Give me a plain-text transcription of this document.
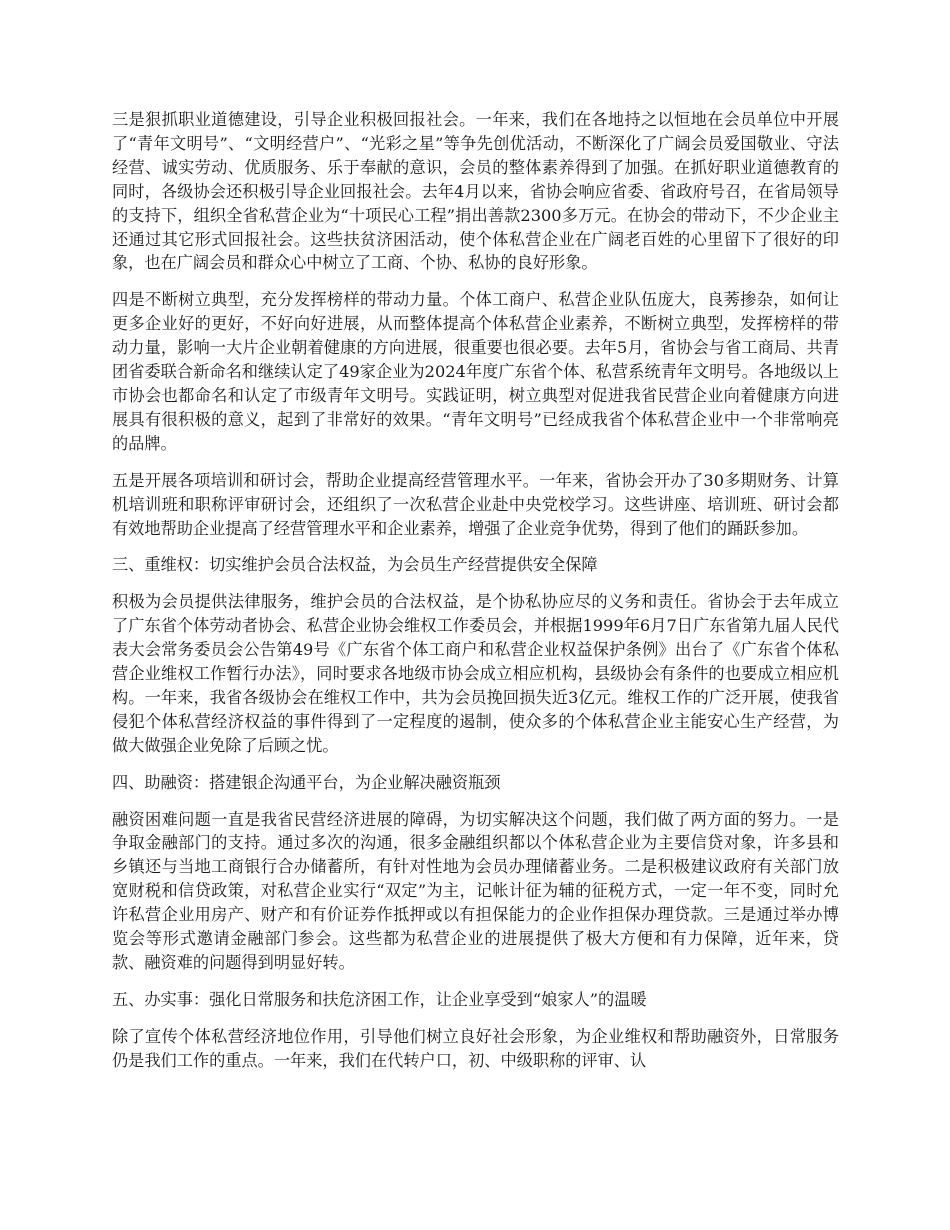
三是狠抓职业道德建设，引导企业积极回报社会。一年来，我们在各地持之以恒地在会员单位中开展了“青年文明号”、“文明经营户”、“光彩之星”等争先创优活动，不断深化了广阔会员爱国敬业、守法经营、诚实劳动、优质服务、乐于奉献的意识，会员的整体素养得到了加强。在抓好职业道德教育的同时，各级协会还积极引导企业回报社会。去年4月以来，省协会响应省委、省政府号召，在省局领导的支持下，组织全省私营企业为“十项民心工程”捐出善款2300多万元。在协会的带动下，不少企业主还通过其它形式回报社会。这些扶贫济困活动，使个体私营企业在广阔老百姓的心里留下了很好的印象，也在广阔会员和群众心中树立了工商、个协、私协的良好形象。

四是不断树立典型，充分发挥榜样的带动力量。个体工商户、私营企业队伍庞大，良莠掺杂，如何让更多企业好的更好，不好向好进展，从而整体提高个体私营企业素养，不断树立典型，发挥榜样的带动力量，影响一大片企业朝着健康的方向进展，很重要也很必要。去年5月，省协会与省工商局、共青团省委联合新命名和继续认定了49家企业为2024年度广东省个体、私营系统青年文明号。各地级以上市协会也都命名和认定了市级青年文明号。实践证明，树立典型对促进我省民营企业向着健康方向进展具有很积极的意义，起到了非常好的效果。“青年文明号”已经成我省个体私营企业中一个非常响亮的品牌。

五是开展各项培训和研讨会，帮助企业提高经营管理水平。一年来，省协会开办了30多期财务、计算机培训班和职称评审研讨会，还组织了一次私营企业赴中央党校学习。这些讲座、培训班、研讨会都有效地帮助企业提高了经营管理水平和企业素养，增强了企业竞争优势，得到了他们的踊跃参加。

三、重维权：切实维护会员合法权益，为会员生产经营提供安全保障

积极为会员提供法律服务，维护会员的合法权益，是个协私协应尽的义务和责任。省协会于去年成立了广东省个体劳动者协会、私营企业协会维权工作委员会，并根据1999年6月7日广东省第九届人民代表大会常务委员会公告第49号《广东省个体工商户和私营企业权益保护条例》出台了《广东省个体私营企业维权工作暂行办法》，同时要求各地级市协会成立相应机构，县级协会有条件的也要成立相应机构。一年来，我省各级协会在维权工作中，共为会员挽回损失近3亿元。维权工作的广泛开展，使我省侵犯个体私营经济权益的事件得到了一定程度的遏制，使众多的个体私营企业主能安心生产经营，为做大做强企业免除了后顾之忧。

四、助融资：搭建银企沟通平台，为企业解决融资瓶颈

融资困难问题一直是我省民营经济进展的障碍，为切实解决这个问题，我们做了两方面的努力。一是争取金融部门的支持。通过多次的沟通，很多金融组织都以个体私营企业为主要信贷对象，许多县和乡镇还与当地工商银行合办储蓄所，有针对性地为会员办理储蓄业务。二是积极建议政府有关部门放宽财税和信贷政策，对私营企业实行“双定”为主，记帐计征为辅的征税方式，一定一年不变，同时允许私营企业用房产、财产和有价证券作抵押或以有担保能力的企业作担保办理贷款。三是通过举办博览会等形式邀请金融部门参会。这些都为私营企业的进展提供了极大方便和有力保障，近年来，贷款、融资难的问题得到明显好转。

五、办实事：强化日常服务和扶危济困工作，让企业享受到“娘家人”的温暖

除了宣传个体私营经济地位作用，引导他们树立良好社会形象，为企业维权和帮助融资外，日常服务仍是我们工作的重点。一年来，我们在代转户口，初、中级职称的评审、认
